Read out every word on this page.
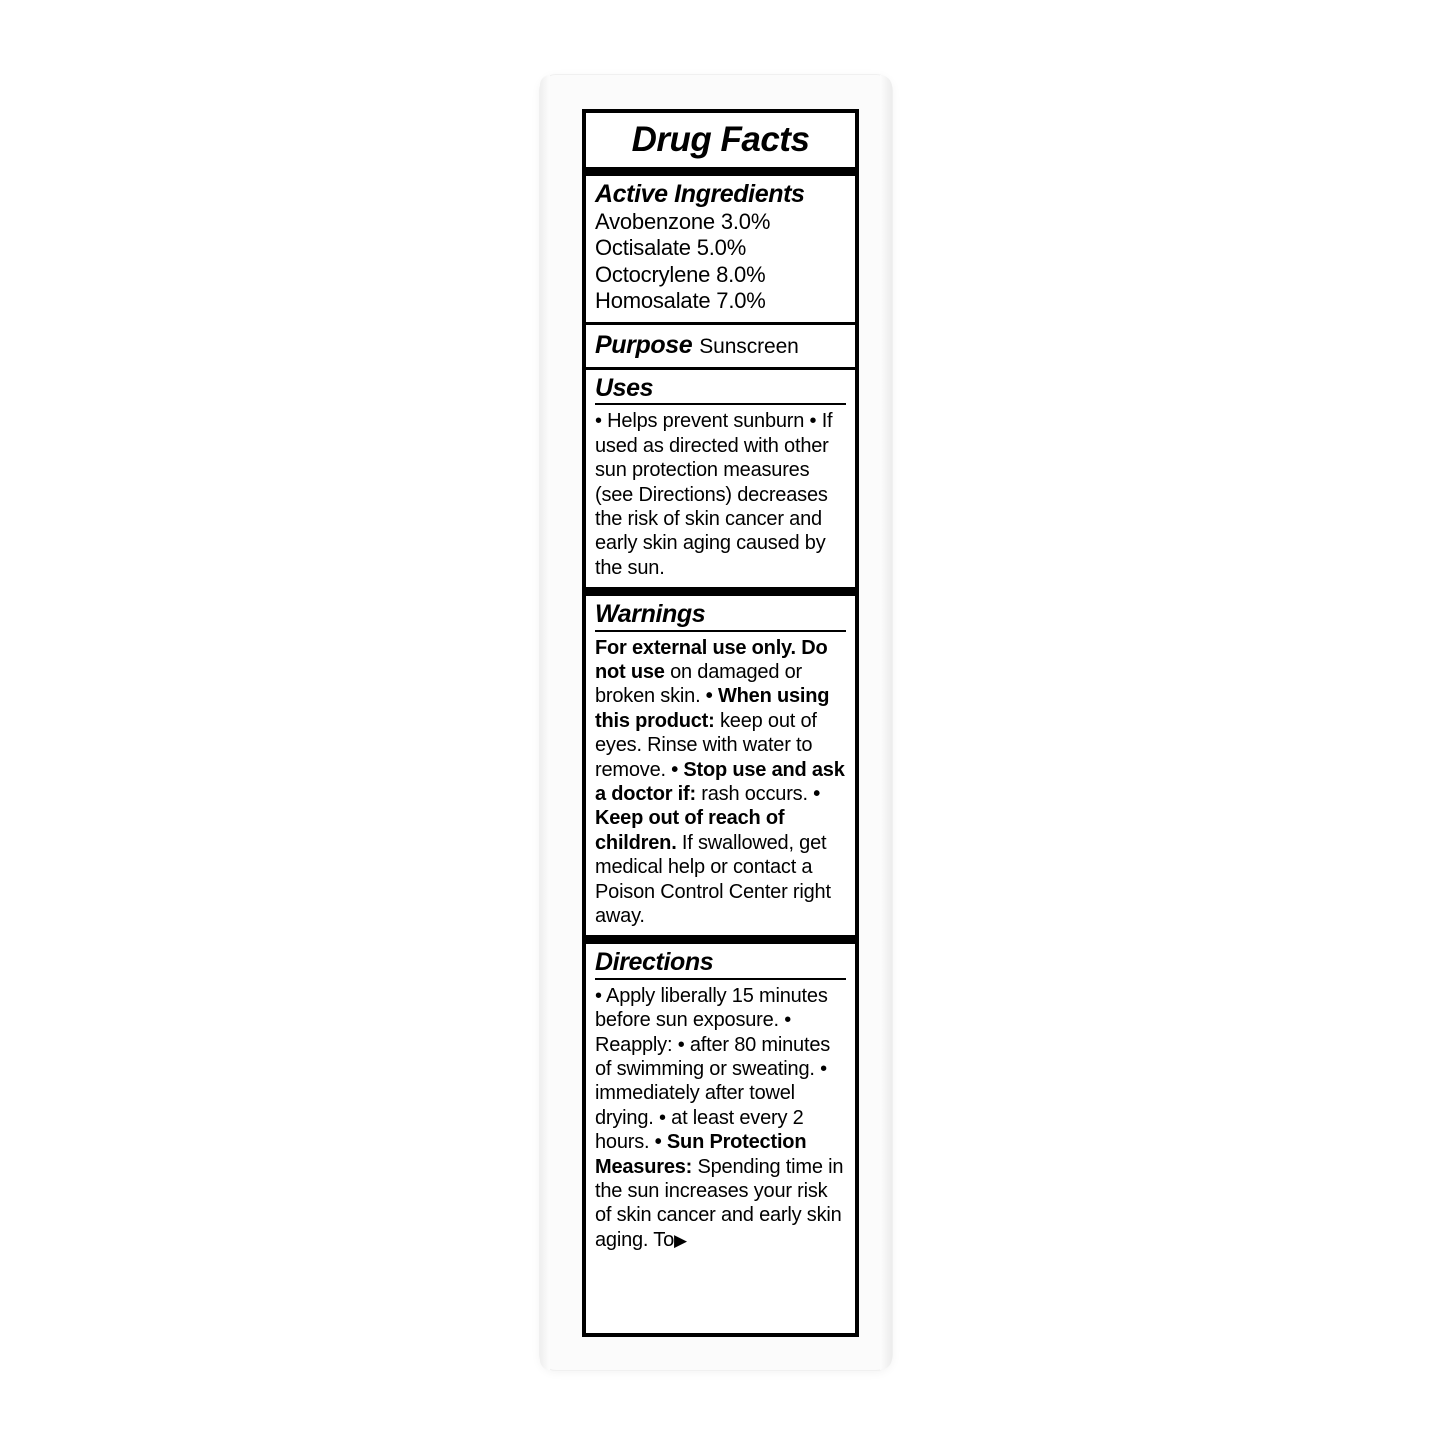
Drug Facts
Active Ingredients
Avobenzone 3.0%
Octisalate 5.0%
Octocrylene 8.0%
Homosalate 7.0%
Purpose Sunscreen
Uses
• Helps prevent sunburn • If used as directed with other sun protection measures (see Directions) decreases the risk of skin cancer and early skin aging caused by the sun.
Warnings
For external use only. Do not use on damaged or broken skin. • When using this product: keep out of eyes. Rinse with water to remove. • Stop use and ask a doctor if: rash occurs. • Keep out of reach of children. If swallowed, get medical help or contact a Poison Control Center right away.
Directions
• Apply liberally 15 minutes before sun exposure. • Reapply: • after 80 minutes of swimming or sweating. • immediately after towel drying. • at least every 2 hours. • Sun Protection Measures: Spending time in the sun increases your risk of skin cancer and early skin aging. To▶
